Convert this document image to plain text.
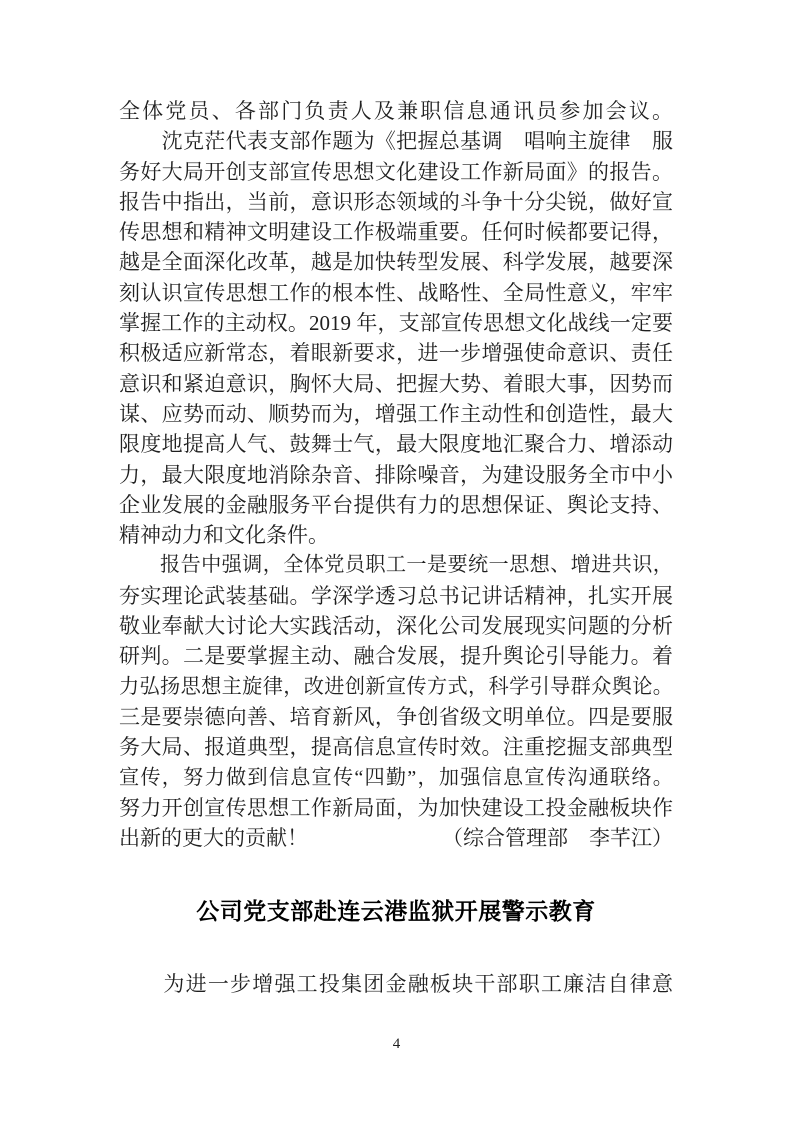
全体党员、各部门负责人及兼职信息通讯员参加会议。
　　沈克茫代表支部作题为《把握总基调　唱响主旋律　服
务好大局开创支部宣传思想文化建设工作新局面》的报告。
报告中指出，当前，意识形态领域的斗争十分尖锐，做好宣
传思想和精神文明建设工作极端重要。任何时候都要记得，
越是全面深化改革，越是加快转型发展、科学发展，越要深
刻认识宣传思想工作的根本性、战略性、全局性意义，牢牢
掌握工作的主动权。2019 年，支部宣传思想文化战线一定要
积极适应新常态，着眼新要求，进一步增强使命意识、责任
意识和紧迫意识，胸怀大局、把握大势、着眼大事，因势而
谋、应势而动、顺势而为，增强工作主动性和创造性，最大
限度地提高人气、鼓舞士气，最大限度地汇聚合力、增添动
力，最大限度地消除杂音、排除噪音，为建设服务全市中小
企业发展的金融服务平台提供有力的思想保证、舆论支持、
精神动力和文化条件。
　　报告中强调，全体党员职工一是要统一思想、增进共识，
夯实理论武装基础。学深学透习总书记讲话精神，扎实开展
敬业奉献大讨论大实践活动，深化公司发展现实问题的分析
研判。二是要掌握主动、融合发展，提升舆论引导能力。着
力弘扬思想主旋律，改进创新宣传方式，科学引导群众舆论。
三是要崇德向善、培育新风，争创省级文明单位。四是要服
务大局、报道典型，提高信息宣传时效。注重挖掘支部典型
宣传，努力做到信息宣传“四勤”，加强信息宣传沟通联络。
努力开创宣传思想工作新局面，为加快建设工投金融板块作
出新的更大的贡献！	（综合管理部　李芊江）
公司党支部赴连云港监狱开展警示教育
　　为进一步增强工投集团金融板块干部职工廉洁自律意
4
